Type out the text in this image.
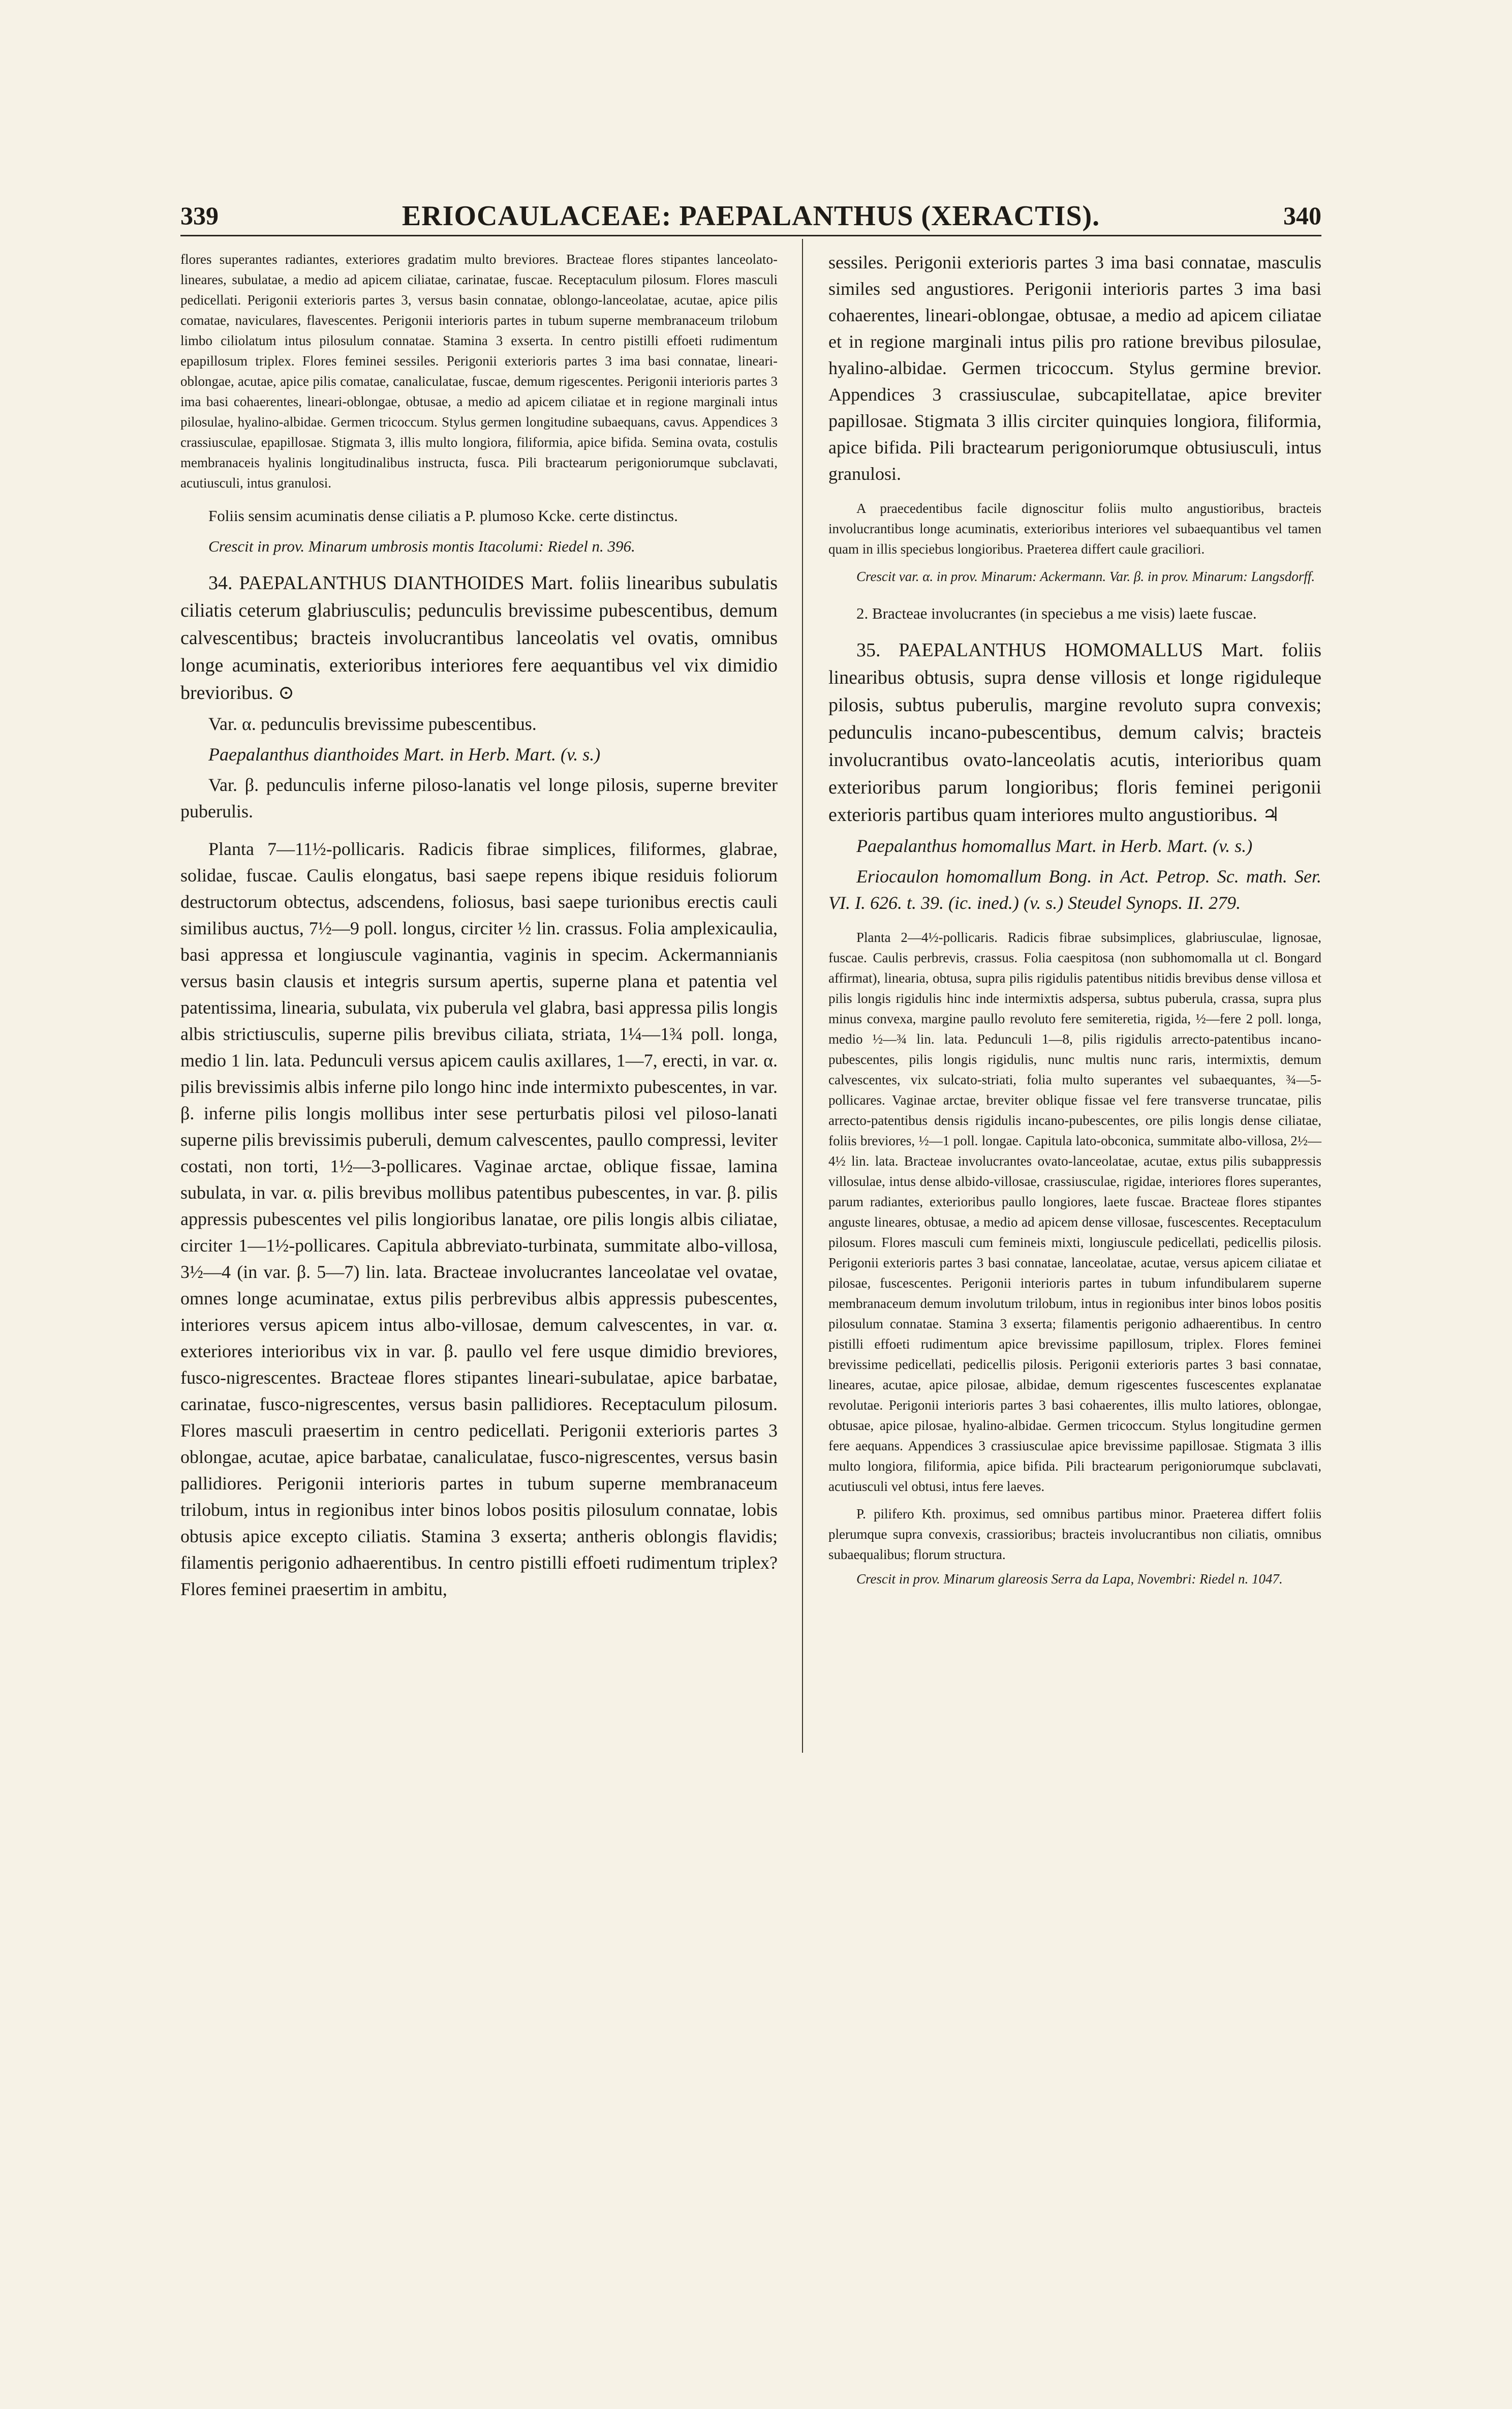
339	ERIOCAULACEAE: PAEPALANTHUS (XERACTIS).	340

flores superantes radiantes, exteriores gradatim multo breviores. Bracteae flores stipantes lanceolato-lineares, subulatae, a medio ad apicem ciliatae, carinatae, fuscae. Receptaculum pilosum. Flores masculi pedicellati. Perigonii exterioris partes 3, versus basin connatae, oblongo-lanceolatae, acutae, apice pilis comatae, naviculares, flavescentes. Perigonii interioris partes in tubum superne membranaceum trilobum limbo ciliolatum intus pilosulum connatae. Stamina 3 exserta. In centro pistilli effoeti rudimentum epapillosum triplex. Flores feminei sessiles. Perigonii exterioris partes 3 ima basi connatae, lineari-oblongae, acutae, apice pilis comatae, canaliculatae, fuscae, demum rigescentes. Perigonii interioris partes 3 ima basi cohaerentes, lineari-oblongae, obtusae, a medio ad apicem ciliatae et in regione marginali intus pilosulae, hyalino-albidae. Germen tricoccum. Stylus germen longitudine subaequans, cavus. Appendices 3 crassiusculae, epapillosae. Stigmata 3, illis multo longiora, filiformia, apice bifida. Semina ovata, costulis membranaceis hyalinis longitudinalibus instructa, fusca. Pili bractearum perigoniorumque subclavati, acutiusculi, intus granulosi.

Foliis sensim acuminatis dense ciliatis a P. plumoso Kcke. certe distinctus.

Crescit in prov. Minarum umbrosis montis Itacolumi: Riedel n. 396.

34. PAEPALANTHUS DIANTHOIDES Mart. foliis linearibus subulatis ciliatis ceterum glabriusculis; pedunculis brevissime pubescentibus, demum calvescentibus; bracteis involucrantibus lanceolatis vel ovatis, omnibus longe acuminatis, exterioribus interiores fere aequantibus vel vix dimidio brevioribus. ⊙

Var. α. pedunculis brevissime pubescentibus.

Paepalanthus dianthoides Mart. in Herb. Mart. (v. s.)

Var. β. pedunculis inferne piloso-lanatis vel longe pilosis, superne breviter puberulis.

Planta 7—11½-pollicaris. Radicis fibrae simplices, filiformes, glabrae, solidae, fuscae. Caulis elongatus, basi saepe repens ibique residuis foliorum destructorum obtectus, adscendens, foliosus, basi saepe turionibus erectis cauli similibus auctus, 7½—9 poll. longus, circiter ½ lin. crassus. Folia amplexicaulia, basi appressa et longiuscule vaginantia, vaginis in specim. Ackermannianis versus basin clausis et integris sursum apertis, superne plana et patentia vel patentissima, linearia, subulata, vix puberula vel glabra, basi appressa pilis longis albis strictiusculis, superne pilis brevibus ciliata, striata, 1¼—1¾ poll. longa, medio 1 lin. lata. Pedunculi versus apicem caulis axillares, 1—7, erecti, in var. α. pilis brevissimis albis inferne pilo longo hinc inde intermixto pubescentes, in var. β. inferne pilis longis mollibus inter sese perturbatis pilosi vel piloso-lanati superne pilis brevissimis puberuli, demum calvescentes, paullo compressi, leviter costati, non torti, 1½—3-pollicares. Vaginae arctae, oblique fissae, lamina subulata, in var. α. pilis brevibus mollibus patentibus pubescentes, in var. β. pilis appressis pubescentes vel pilis longioribus lanatae, ore pilis longis albis ciliatae, circiter 1—1½-pollicares. Capitula abbreviato-turbinata, summitate albo-villosa, 3½—4 (in var. β. 5—7) lin. lata. Bracteae involucrantes lanceolatae vel ovatae, omnes longe acuminatae, extus pilis perbrevibus albis appressis pubescentes, interiores versus apicem intus albo-villosae, demum calvescentes, in var. α. exteriores interioribus vix in var. β. paullo vel fere usque dimidio breviores, fusco-nigrescentes. Bracteae flores stipantes lineari-subulatae, apice barbatae, carinatae, fusco-nigrescentes, versus basin pallidiores. Receptaculum pilosum. Flores masculi praesertim in centro pedicellati. Perigonii exterioris partes 3 oblongae, acutae, apice barbatae, canaliculatae, fusco-nigrescentes, versus basin pallidiores. Perigonii interioris partes in tubum superne membranaceum trilobum, intus in regionibus inter binos lobos positis pilosulum connatae, lobis obtusis apice excepto ciliatis. Stamina 3 exserta; antheris oblongis flavidis; filamentis perigonio adhaerentibus. In centro pistilli effoeti rudimentum triplex? Flores feminei praesertim in ambitu,

sessiles. Perigonii exterioris partes 3 ima basi connatae, masculis similes sed angustiores. Perigonii interioris partes 3 ima basi cohaerentes, lineari-oblongae, obtusae, a medio ad apicem ciliatae et in regione marginali intus pilis pro ratione brevibus pilosulae, hyalino-albidae. Germen tricoccum. Stylus germine brevior. Appendices 3 crassiusculae, subcapitellatae, apice breviter papillosae. Stigmata 3 illis circiter quinquies longiora, filiformia, apice bifida. Pili bractearum perigoniorumque obtusiusculi, intus granulosi.

A praecedentibus facile dignoscitur foliis multo angustioribus, bracteis involucrantibus longe acuminatis, exterioribus interiores vel subaequantibus vel tamen quam in illis speciebus longioribus. Praeterea differt caule graciliori.

Crescit var. α. in prov. Minarum: Ackermann. Var. β. in prov. Minarum: Langsdorff.

2. Bracteae involucrantes (in speciebus a me visis) laete fuscae.

35. PAEPALANTHUS HOMOMALLUS Mart. foliis linearibus obtusis, supra dense villosis et longe rigiduleque pilosis, subtus puberulis, margine revoluto supra convexis; pedunculis incano-pubescentibus, demum calvis; bracteis involucrantibus ovato-lanceolatis acutis, interioribus quam exterioribus parum longioribus; floris feminei perigonii exterioris partibus quam interiores multo angustioribus. ♃

Paepalanthus homomallus Mart. in Herb. Mart. (v. s.)

Eriocaulon homomallum Bong. in Act. Petrop. Sc. math. Ser. VI. I. 626. t. 39. (ic. ined.) (v. s.) Steudel Synops. II. 279.

Planta 2—4½-pollicaris. Radicis fibrae subsimplices, glabriusculae, lignosae, fuscae. Caulis perbrevis, crassus. Folia caespitosa (non subhomomalla ut cl. Bongard affirmat), linearia, obtusa, supra pilis rigidulis patentibus nitidis brevibus dense villosa et pilis longis rigidulis hinc inde intermixtis adspersa, subtus puberula, crassa, supra plus minus convexa, margine paullo revoluto fere semiteretia, rigida, ½—fere 2 poll. longa, medio ½—¾ lin. lata. Pedunculi 1—8, pilis rigidulis arrecto-patentibus incano-pubescentes, pilis longis rigidulis, nunc multis nunc raris, intermixtis, demum calvescentes, vix sulcato-striati, folia multo superantes vel subaequantes, ¾—5-pollicares. Vaginae arctae, breviter oblique fissae vel fere transverse truncatae, pilis arrecto-patentibus densis rigidulis incano-pubescentes, ore pilis longis dense ciliatae, foliis breviores, ½—1 poll. longae. Capitula lato-obconica, summitate albo-villosa, 2½—4½ lin. lata. Bracteae involucrantes ovato-lanceolatae, acutae, extus pilis subappressis villosulae, intus dense albido-villosae, crassiusculae, rigidae, interiores flores superantes, parum radiantes, exterioribus paullo longiores, laete fuscae. Bracteae flores stipantes anguste lineares, obtusae, a medio ad apicem dense villosae, fuscescentes. Receptaculum pilosum. Flores masculi cum femineis mixti, longiuscule pedicellati, pedicellis pilosis. Perigonii exterioris partes 3 basi connatae, lanceolatae, acutae, versus apicem ciliatae et pilosae, fuscescentes. Perigonii interioris partes in tubum infundibularem superne membranaceum demum involutum trilobum, intus in regionibus inter binos lobos positis pilosulum connatae. Stamina 3 exserta; filamentis perigonio adhaerentibus. In centro pistilli effoeti rudimentum apice brevissime papillosum, triplex. Flores feminei brevissime pedicellati, pedicellis pilosis. Perigonii exterioris partes 3 basi connatae, lineares, acutae, apice pilosae, albidae, demum rigescentes fuscescentes explanatae revolutae. Perigonii interioris partes 3 basi cohaerentes, illis multo latiores, oblongae, obtusae, apice pilosae, hyalino-albidae. Germen tricoccum. Stylus longitudine germen fere aequans. Appendices 3 crassiusculae apice brevissime papillosae. Stigmata 3 illis multo longiora, filiformia, apice bifida. Pili bractearum perigoniorumque subclavati, acutiusculi vel obtusi, intus fere laeves.

P. pilifero Kth. proximus, sed omnibus partibus minor. Praeterea differt foliis plerumque supra convexis, crassioribus; bracteis involucrantibus non ciliatis, omnibus subaequalibus; florum structura.

Crescit in prov. Minarum glareosis Serra da Lapa, Novembri: Riedel n. 1047.
